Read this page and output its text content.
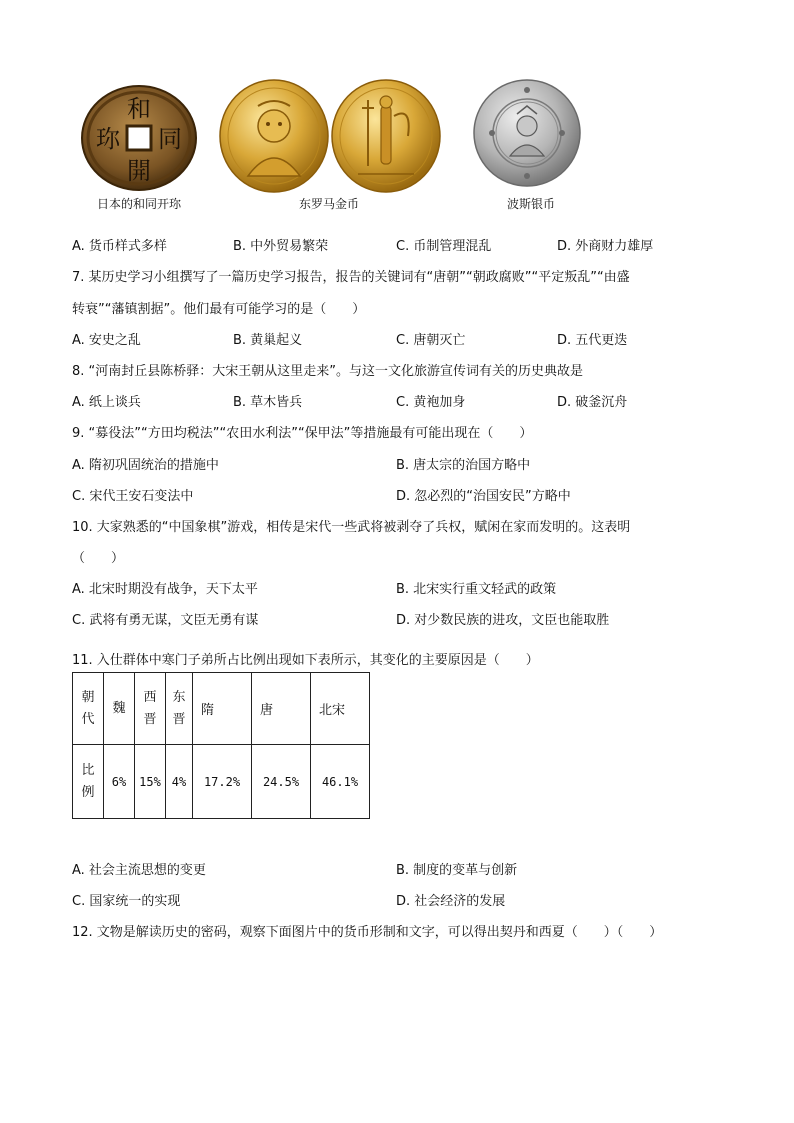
和
開
珎 同
日本的和同开珎	东罗马金币	波斯银币
A. 货币样式多样	B. 中外贸易繁荣	C. 币制管理混乱	D. 外商财力雄厚
7. 某历史学习小组撰写了一篇历史学习报告，报告的关键词有“唐朝”“朝政腐败”“平定叛乱”“由盛
转衰”“藩镇割据”。他们最有可能学习的是（　　）
A. 安史之乱	B. 黄巢起义	C. 唐朝灭亡	D. 五代更迭
8. “河南封丘县陈桥驿：大宋王朝从这里走来”。与这一文化旅游宣传词有关的历史典故是
A. 纸上谈兵	B. 草木皆兵	C. 黄袍加身	D. 破釜沉舟
9. “募役法”“方田均税法”“农田水利法”“保甲法”等措施最有可能出现在（　　）
A. 隋初巩固统治的措施中	B. 唐太宗的治国方略中
C. 宋代王安石变法中	D. 忽必烈的“治国安民”方略中
10. 大家熟悉的“中国象棋”游戏，相传是宋代一些武将被剥夺了兵权，赋闲在家而发明的。这表明
（　　）
A. 北宋时期没有战争，天下太平	B. 北宋实行重文轻武的政策
C. 武将有勇无谋，文臣无勇有谋	D. 对少数民族的进攻，文臣也能取胜
11. 入仕群体中寒门子弟所占比例出现如下表所示，其变化的主要原因是（　　）
朝代	魏	西晋	东晋	隋	唐	北宋
比例	6%	15%	4%	17.2%	24.5%	46.1%
A. 社会主流思想的变更	B. 制度的变革与创新
C. 国家统一的实现	D. 社会经济的发展
12. 文物是解读历史的密码，观察下面图片中的货币形制和文字，可以得出契丹和西夏（　　）（　　）
